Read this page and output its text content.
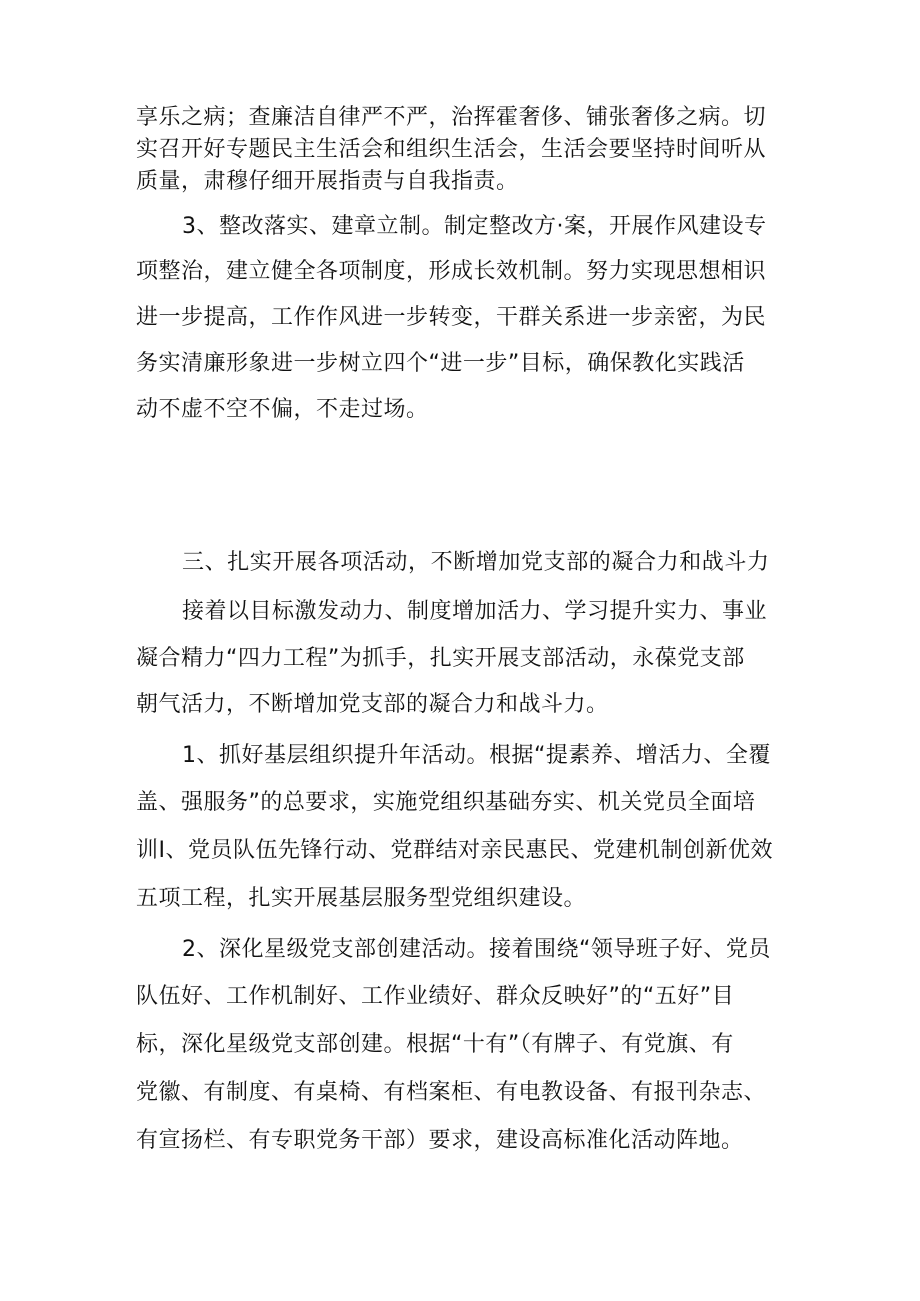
享乐之病；查廉洁自律严不严，治挥霍奢侈、铺张奢侈之病。切

实召开好专题民主生活会和组织生活会，生活会要坚持时间听从

质量，肃穆仔细开展指责与自我指责。

3、整改落实、建章立制。制定整改方·案，开展作风建设专

项整治，建立健全各项制度，形成长效机制。努力实现思想相识

进一步提高，工作作风进一步转变，干群关系进一步亲密，为民

务实清廉形象进一步树立四个“进一步”目标，确保教化实践活

动不虚不空不偏，不走过场。

三、扎实开展各项活动，不断增加党支部的凝合力和战斗力

接着以目标激发动力、制度增加活力、学习提升实力、事业

凝合精力“四力工程”为抓手，扎实开展支部活动，永葆党支部

朝气活力，不断增加党支部的凝合力和战斗力。

1、抓好基层组织提升年活动。根据“提素养、增活力、全覆

盖、强服务”的总要求，实施党组织基础夯实、机关党员全面培

训I、党员队伍先锋行动、党群结对亲民惠民、党建机制创新优效

五项工程，扎实开展基层服务型党组织建设。

2、深化星级党支部创建活动。接着围绕“领导班子好、党员

队伍好、工作机制好、工作业绩好、群众反映好”的“五好”目

标，深化星级党支部创建。根据“十有”（有牌子、有党旗、有

党徽、有制度、有桌椅、有档案柜、有电教设备、有报刊杂志、

有宣扬栏、有专职党务干部）要求，建设高标准化活动阵地。
